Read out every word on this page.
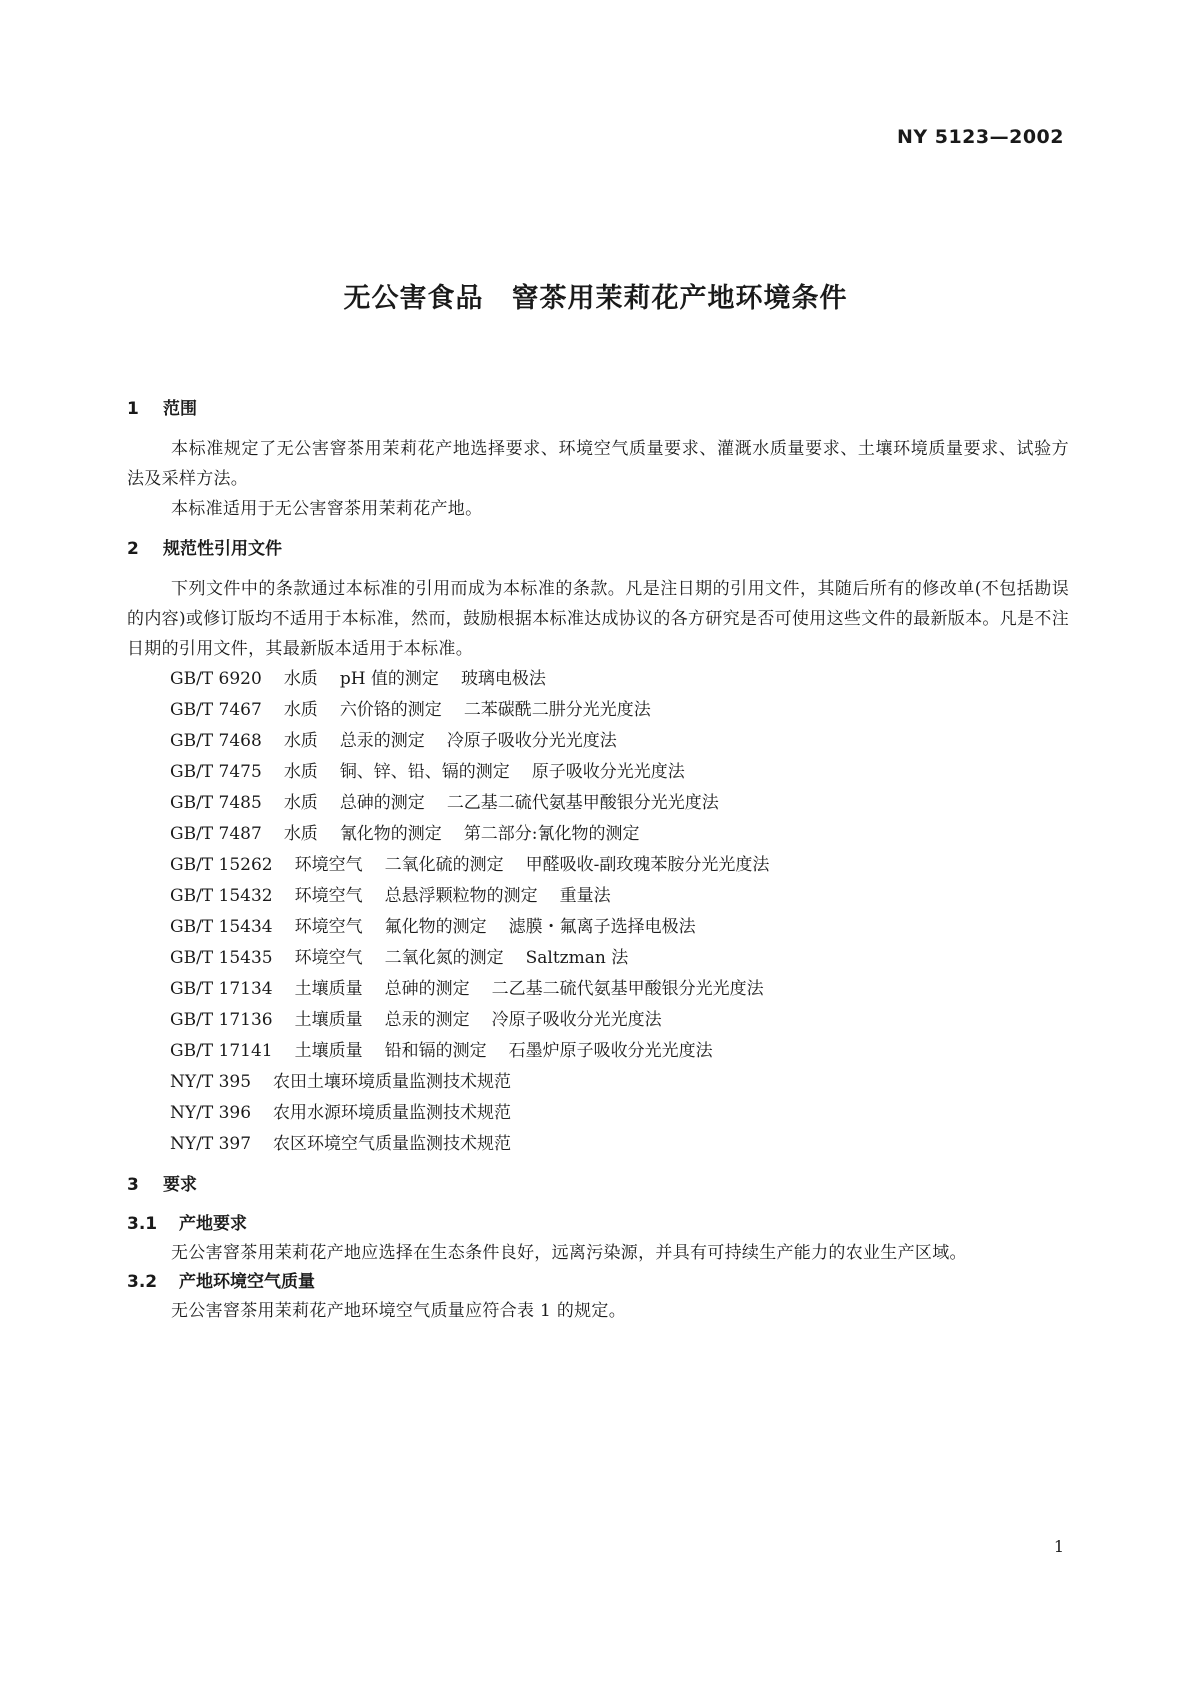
NY 5123—2002
无公害食品　窨茶用茉莉花产地环境条件
1 范围

本标准规定了无公害窨茶用茉莉花产地选择要求、环境空气质量要求、灌溉水质量要求、土壤环境质量要求、试验方法及采样方法。

本标准适用于无公害窨茶用茉莉花产地。

2 规范性引用文件

下列文件中的条款通过本标准的引用而成为本标准的条款。凡是注日期的引用文件，其随后所有的修改单(不包括勘误的内容)或修订版均不适用于本标准，然而，鼓励根据本标准达成协议的各方研究是否可使用这些文件的最新版本。凡是不注日期的引用文件，其最新版本适用于本标准。

GB/T 6920 水质 pH 值的测定 玻璃电极法
GB/T 7467 水质 六价铬的测定 二苯碳酰二肼分光光度法
GB/T 7468 水质 总汞的测定 冷原子吸收分光光度法
GB/T 7475 水质 铜、锌、铅、镉的测定 原子吸收分光光度法
GB/T 7485 水质 总砷的测定 二乙基二硫代氨基甲酸银分光光度法
GB/T 7487 水质 氰化物的测定 第二部分:氰化物的测定
GB/T 15262 环境空气 二氧化硫的测定 甲醛吸收-副玫瑰苯胺分光光度法
GB/T 15432 环境空气 总悬浮颗粒物的测定 重量法
GB/T 15434 环境空气 氟化物的测定 滤膜・氟离子选择电极法
GB/T 15435 环境空气 二氧化氮的测定 Saltzman 法
GB/T 17134 土壤质量 总砷的测定 二乙基二硫代氨基甲酸银分光光度法
GB/T 17136 土壤质量 总汞的测定 冷原子吸收分光光度法
GB/T 17141 土壤质量 铅和镉的测定 石墨炉原子吸收分光光度法
NY/T 395 农田土壤环境质量监测技术规范
NY/T 396 农用水源环境质量监测技术规范
NY/T 397 农区环境空气质量监测技术规范
3 要求
3.1 产地要求

无公害窨茶用茉莉花产地应选择在生态条件良好，远离污染源，并具有可持续生产能力的农业生产区域。

3.2 产地环境空气质量

无公害窨茶用茉莉花产地环境空气质量应符合表 1 的规定。

1
